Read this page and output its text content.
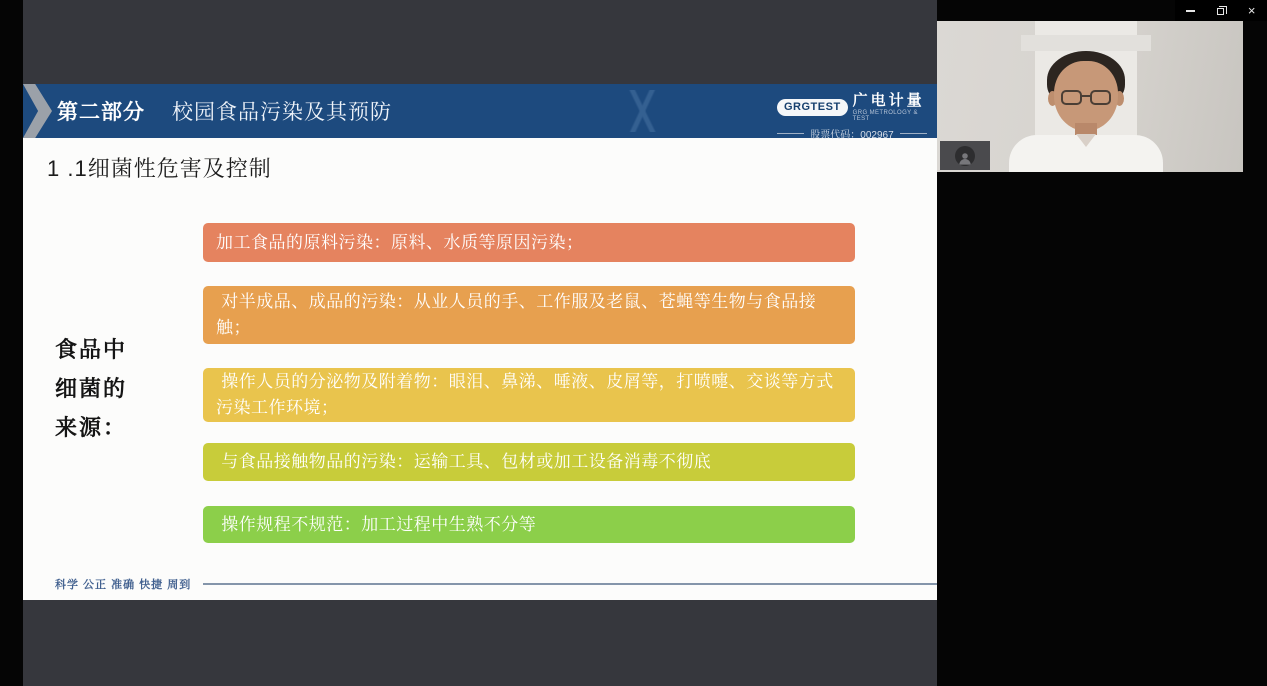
×
第二部分 校园食品污染及其预防	GRGTEST 广电计量
GRG METROLOGY & TEST
股票代码：002967
1 .1细菌性危害及控制
食品中
细菌的
来源：
加工食品的原料污染：原料、水质等原因污染；
对半成品、成品的污染：从业人员的手、工作服及老鼠、苍蝇等生物与食品接触；
操作人员的分泌物及附着物：眼泪、鼻涕、唾液、皮屑等，打喷嚏、交谈等方式污染工作环境；
与食品接触物品的污染：运输工具、包材或加工设备消毒不彻底
操作规程不规范：加工过程中生熟不分等
科学 公正 准确 快捷 周到
